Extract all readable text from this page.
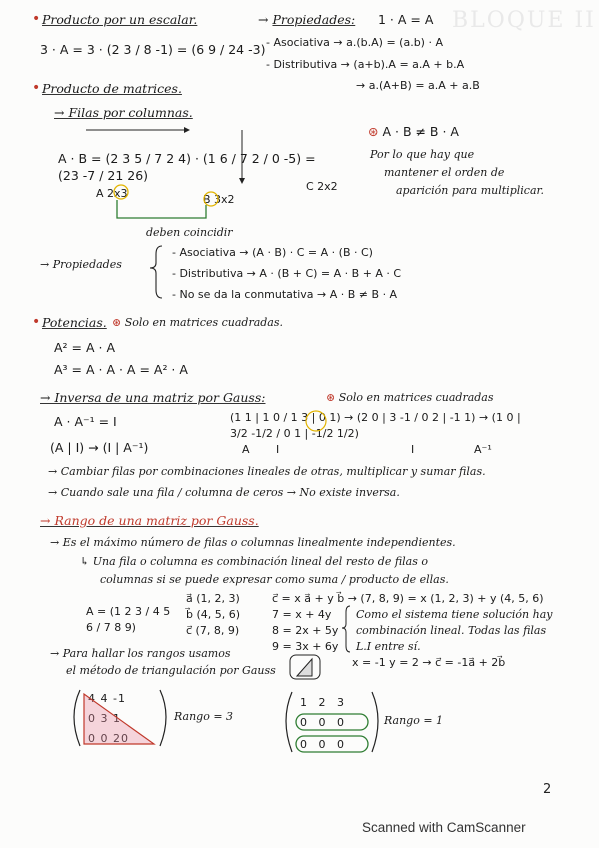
BLOQUE II
• Producto por un escalar.
3 · A = 3 · (2 3 / 8 -1) = (6 9 / 24 -3)
→ Propiedades: 1 · A = A
- Asociativa → a.(b.A) = (a.b) · A
- Distributiva → (a+b).A = a.A + b.A
→ a.(A+B) = a.A + a.B
• Producto de matrices.
→ Filas por columnas.
A · B = (2 3 5 / 7 2 4) · (1 6 / 7 2 / 0 -5) = (23 -7 / 21 26)
A 2x3	B 3x2
C 2x2
deben coincidir
⊛ A · B ≠ B · A
Por lo que hay que
mantener el orden de
aparición para multiplicar.
→ Propiedades
- Asociativa → (A · B) · C = A · (B · C)
- Distributiva → A · (B + C) = A · B + A · C
- No se da la conmutativa → A · B ≠ B · A
• Potencias. ⊛ Solo en matrices cuadradas.
A² = A · A
A³ = A · A · A = A² · A
→ Inversa de una matriz por Gauss:	⊛ Solo en matrices cuadradas
A · A⁻¹ = I
(A | I) → (I | A⁻¹)
(1 1 | 1 0 / 1 3 | 0 1) → (2 0 | 3 -1 / 0 2 | -1 1) → (1 0 | 3/2 -1/2 / 0 1 | -1/2 1/2)
A I	I	A⁻¹
→ Cambiar filas por combinaciones lineales de otras, multiplicar y sumar filas.
→ Cuando sale una fila / columna de ceros → No existe inversa.
→ Rango de una matriz por Gauss.
→ Es el máximo número de filas o columnas linealmente independientes.
↳ Una fila o columna es combinación lineal del resto de filas o
columnas si se puede expresar como suma / producto de ellas.
A = (1 2 3 / 4 5 6 / 7 8 9)
a⃗ (1, 2, 3)
b⃗ (4, 5, 6)
c⃗ (7, 8, 9)
c⃗ = x a⃗ + y b⃗ → (7, 8, 9) = x (1, 2, 3) + y (4, 5, 6)
7 = x + 4y
8 = 2x + 5y
9 = 3x + 6y
Como el sistema tiene solución hay
combinación lineal. Todas las filas
L.I entre sí.
x = -1 y = 2 → c⃗ = -1a⃗ + 2b⃗
→ Para hallar los rangos usamos
el método de triangulación por Gauss
4 4 -1
0 3 1
0 0 20
Rango = 3
1 2 3
0 0 0
0 0 0
Rango = 1
2
Scanned with CamScanner
